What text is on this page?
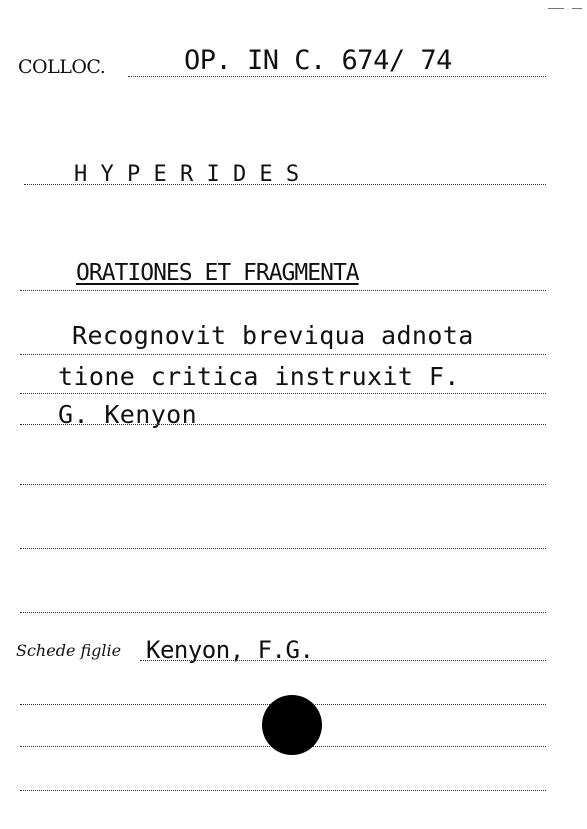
COLLOC.	OP. IN C. 674/ 74
H Y P E R I D E S
ORATIONES ET FRAGMENTA
Recognovit breviqua adnota
tione critica instruxit F.
G. Kenyon
Schede figlie Kenyon, F.G.
